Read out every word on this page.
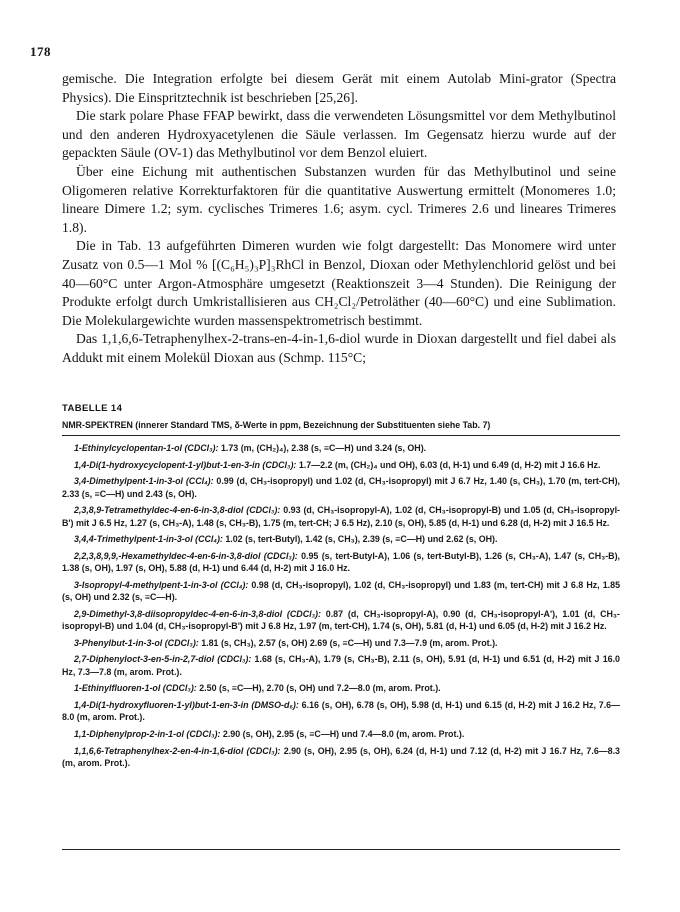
178

gemische. Die Integration erfolgte bei diesem Gerät mit einem Autolab Mini-grator (Spectra Physics). Die Einspritztechnik ist beschrieben [25,26].

Die stark polare Phase FFAP bewirkt, dass die verwendeten Lösungsmittel vor dem Methylbutinol und den anderen Hydroxyacetylenen die Säule verlassen. Im Gegensatz hierzu wurde auf der gepackten Säule (OV-1) das Methylbutinol vor dem Benzol eluiert.

Über eine Eichung mit authentischen Substanzen wurden für das Methylbutinol und seine Oligomeren relative Korrekturfaktoren für die quantitative Auswertung ermittelt (Monomeres 1.0; lineare Dimere 1.2; sym. cyclisches Trimeres 1.6; asym. cycl. Trimeres 2.6 und lineares Trimeres 1.8).

Die in Tab. 13 aufgeführten Dimeren wurden wie folgt dargestellt: Das Monomere wird unter Zusatz von 0.5—1 Mol % [(C₆H₅)₃P]₃RhCl in Benzol, Dioxan oder Methylenchlorid gelöst und bei 40—60°C unter Argon-Atmosphäre umgesetzt (Reaktionszeit 3—4 Stunden). Die Reinigung der Produkte erfolgt durch Umkristallisieren aus CH₂Cl₂/Petroläther (40—60°C) und eine Sublimation. Die Molekulargewichte wurden massenspektrometrisch bestimmt.

Das 1,1,6,6-Tetraphenylhex-2-trans-en-4-in-1,6-diol wurde in Dioxan dargestellt und fiel dabei als Addukt mit einem Molekül Dioxan aus (Schmp. 115°C;

TABELLE 14
NMR-SPEKTREN (innerer Standard TMS, δ-Werte in ppm, Bezeichnung der Substituenten siehe Tab. 7)

1-Ethinylcyclopentan-1-ol (CDCl₃): 1.73 (m, (CH₂)₄), 2.38 (s, ≡C—H) und 3.24 (s, OH).

1,4-Di(1-hydroxycyclopent-1-yl)but-1-en-3-in (CDCl₃): 1.7—2.2 (m, (CH₂)₄ und OH), 6.03 (d, H-1) und 6.49 (d, H-2) mit J 16.6 Hz.

3,4-Dimethylpent-1-in-3-ol (CCl₄): 0.99 (d, CH₃-isopropyl) und 1.02 (d, CH₃-isopropyl) mit J 6.7 Hz, 1.40 (s, CH₃), 1.70 (m, tert-CH), 2.33 (s, ≡C—H) und 2.43 (s, OH).

2,3,8,9-Tetramethyldec-4-en-6-in-3,8-diol (CDCl₃): 0.93 (d, CH₃-isopropyl-A), 1.02 (d, CH₃-isopropyl-B) und 1.05 (d, CH₃-isopropyl-B') mit J 6.5 Hz, 1.27 (s, CH₃-A), 1.48 (s, CH₃-B), 1.75 (m, tert-CH; J 6.5 Hz), 2.10 (s, OH), 5.85 (d, H-1) und 6.28 (d, H-2) mit J 16.5 Hz.

3,4,4-Trimethylpent-1-in-3-ol (CCl₄): 1.02 (s, tert-Butyl), 1.42 (s, CH₃), 2.39 (s, ≡C—H) und 2.62 (s, OH).

2,2,3,8,9,9,-Hexamethyldec-4-en-6-in-3,8-diol (CDCl₃): 0.95 (s, tert-Butyl-A), 1.06 (s, tert-Butyl-B), 1.26 (s, CH₃-A), 1.47 (s, CH₃-B), 1.38 (s, OH), 1.97 (s, OH), 5.88 (d, H-1) und 6.44 (d, H-2) mit J 16.0 Hz.

3-Isopropyl-4-methylpent-1-in-3-ol (CCl₄): 0.98 (d, CH₃-isopropyl), 1.02 (d, CH₃-isopropyl) und 1.83 (m, tert-CH) mit J 6.8 Hz, 1.85 (s, OH) und 2.32 (s, ≡C—H).

2,9-Dimethyl-3,8-diisopropyldec-4-en-6-in-3,8-diol (CDCl₃): 0.87 (d, CH₃-isopropyl-A), 0.90 (d, CH₃-isopropyl-A'), 1.01 (d, CH₃-isopropyl-B) und 1.04 (d, CH₃-isopropyl-B') mit J 6.8 Hz, 1.97 (m, tert-CH), 1.74 (s, OH), 5.81 (d, H-1) und 6.05 (d, H-2) mit J 16.2 Hz.

3-Phenylbut-1-in-3-ol (CDCl₃): 1.81 (s, CH₃), 2.57 (s, OH) 2.69 (s, ≡C—H) und 7.3—7.9 (m, arom. Prot.).

2,7-Diphenyloct-3-en-5-in-2,7-diol (CDCl₃): 1.68 (s, CH₃-A), 1.79 (s, CH₃-B), 2.11 (s, OH), 5.91 (d, H-1) und 6.51 (d, H-2) mit J 16.0 Hz, 7.3—7.8 (m, arom. Prot.).

1-Ethinylfluoren-1-ol (CDCl₃): 2.50 (s, ≡C—H), 2.70 (s, OH) und 7.2—8.0 (m, arom. Prot.).

1,4-Di(1-hydroxyfluoren-1-yl)but-1-en-3-in (DMSO-d₆): 6.16 (s, OH), 6.78 (s, OH), 5.98 (d, H-1) und 6.15 (d, H-2) mit J 16.2 Hz, 7.6—8.0 (m, arom. Prot.).

1,1-Diphenylprop-2-in-1-ol (CDCl₃): 2.90 (s, OH), 2.95 (s, ≡C—H) und 7.4—8.0 (m, arom. Prot.).

1,1,6,6-Tetraphenylhex-2-en-4-in-1,6-diol (CDCl₃): 2.90 (s, OH), 2.95 (s, OH), 6.24 (d, H-1) und 7.12 (d, H-2) mit J 16.7 Hz, 7.6—8.3 (m, arom. Prot.).
